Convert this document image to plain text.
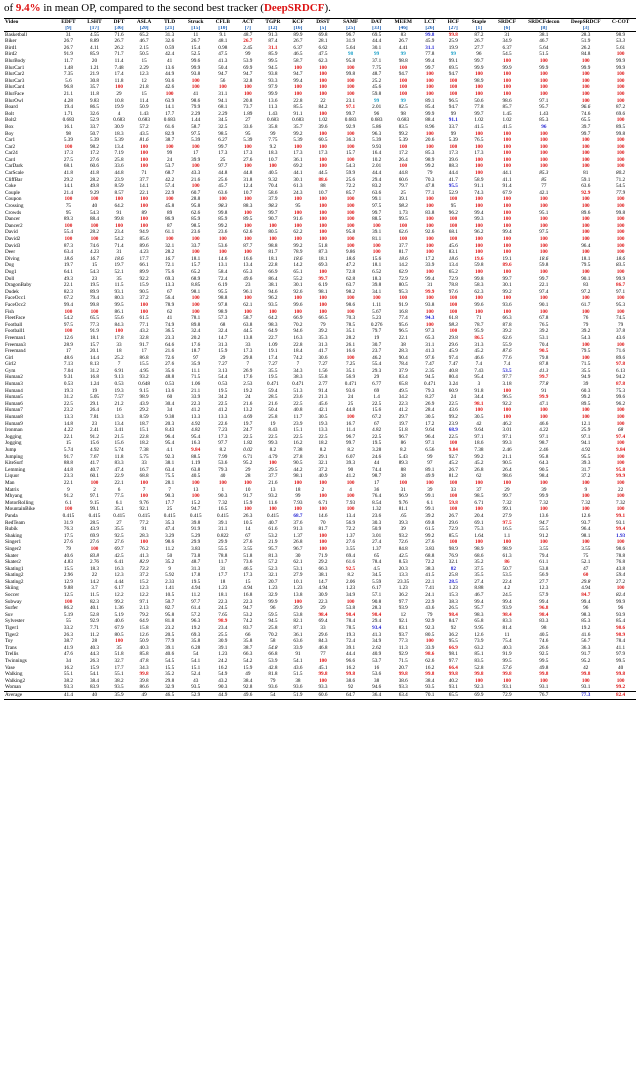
of 9.4% in mean OP, compared to the second best tracker (DeepSRDCF).
Video	EDFT	LSHT	DFT	ASLA	TLD	Struck	CFLB	ACT	TGPR	KCF	DSST	SAMF	DAT	MEEM	LCT	HCF	Staple	SRDCF	SRDCFdecon	DeepSRDCF	C-COT
	[9]	[17]	[36]	[20]	[21]	[15]	[10]	[7]	[12]	[16]	[5]	[25]	[33]	[46]	[26]	[27]	[1]	[6]	[8]	[3]	
Basketball	31	4.55	71.6	65.2	31.3	11	9.1	48.7	91.3	89.9	69.8	96.7	69.5	83	99.8	99.8	87.2	31	38.1	28.3	98.9
Biker	26.7	8.89	26.7	46.7	32.6	26.7	48.1	26.7	87.4	26.7	28.1	31.9	44.4	26.7	45.9	25.9	26.7	34.9	46.7	51.9	53.3
Bird1	26.7	4.11	26.2	2.15	0.59	15.4	0.98	2.45	31.1	6.37	6.62	5.64	30.1	4.41	31.1	19.9	27.7	6.37	5.64	26.2	5.61
Bird2	91.9	85.9	71.7	50.5	42.4	52.5	47.5	99	85.9	46.5	47.5	98	99	99	77.8	99	96	54.5	51.5	84.8	100
BlurBody	11.7	20	11.4	15	41	99.6	41.3	53.9	99.5	58.7	62.3	95.8	37.1	98.8	99.4	99.1	99.7	100	100	100	99.9
BlurCar1	1.48	1.21	7.48	2.29	13.6	99.9	50.4	69.9	94.5	100	100	100	7.75	100	99.7	69.5	99.9	99.9	99.9	99.9	99.9
BlurCar2	7.35	21.9	17.4	12.3	44.9	93.8	94.7	94.7	93.8	94.7	100	99.8	48.7	94.7	100	94.7	100	100	100	100	100
BlurCar3	5.6	30.8	11.8	12	93.6	100	56	32.8	93.3	99.4	100	100	25.2	100	100	100	98.9	100	100	100	100
BlurCar4	96.8	35.7	100	21.8	42.6	100	100	100	97.9	100	100	100	45.6	100	100	100	100	100	100	100	100
BlurFace	21.1	11.8	29	15	100	41	31.1	100	99.9	100	100	100	59.8	100	100	100	100	100	100	100	100
BlurOwl	4.28	9.83	10.8	11.4	63.9	98.6	94.1	20.8	13.6	22.8	22	23.1	99	99	89.1	96.5	50.6	98.6	97.1	100	100
Board	19.4	86.5	19.9	50.9	14.1	79.9	68.1	73.7	11.3	85.5	84.2	97.1	2.01	82.5	85.4	94.7	77.8	85.7	95.7	96.6	87.2
Bolt	1.71	32.6	4	1.43	17.7	2.29	2.29	1.89	1.43	91.1	100	99.7	96	98	99.9	99	99.7	1.45	1.43	74.6	69.6
Bolt2	0.683	52.9	0.683	0.683	0.683	1.44	34.5	27	0.683	0.683	1.02	0.683	0.683	0.683	88.4	91.1	1.02	1.02	85.3	65.5	100
Box	16.1	33.7	30.9	57.2	61.6	58.7	32.5	33.6	35.8	35.7	39.6	92.9	5.86	83.5	8.96	33.7	41.5	41.5	96	39.7	89.5
Boy	98	50.7	18.3	43.5	82.9	97.5	98.5	95	99	99.2	100	100	96.3	99.2	100	99	100	100	100	99.7	99.8
Car1	5.39	5.39	5.39	81.6	38.7	5.39	6.27	5.39	7.75	5.39	60.5	36.3	5.39	5.39	20.6	5.39	76.5	100	100	100	100
Car2	100	98.2	13.4	100	100	100	99.7	100	9.2	100	100	100	9.93	100	100	100	100	100	100	100	100
Car24	17.3	17.2	7.19	100	99	17	17.3	17.3	18.3	17.3	17.3	15.7	16.4	17.2	85.3	17.3	17.3	100	100	100	100
Car4	27.5	27.6	25.8	100	24	39.9	25	27.6	10.7	36.1	100	100	10.2	26.4	98.9	39.6	100	100	100	100	100
CarDark	68.1	60.6	33.6	100	53.7	100	97.7	100	100	69.2	100	54.3	2.01	100	99.2	88.3	100	100	100	100	100
CarScale	41.8	41.8	44.8	71	68.7	43.3	44.8	44.8	40.5	44.1	44.5	59.9	44.4	44.8	79	44.4	100	44.1	85.3	81	80.2
CliffBar	29.2	28.2	23.9	37.7	42.2	21.6	25.6	31.8	9.32	30.1	88.6	25.6	29.4	60.6	70.3	41.7	58.9	41.1	85	59.1	71.2
Coke	14.1	49.8	8.59	14.1	57.4	100	45.7	12.4	70.4	61.3	88	72.2	83.2	79.7	47.8	95.5	91.1	91.4	77	63.6	54.5
Couple	21.4	9.29	8.57	22.1	22.9	60.7	63.6	10.7	58.6	24.3	10.7	85.7	63.6	25	77.1	52.9	74.3	67.9	42.1	92.9	77.9
Coupon	100	100	100	100	100	28.8	100	100	37.9	100	100	100	99.1	39.1	100	100	100	100	100	100	100
Crossing	75	40	64.2	100	45.8	95.8	98.3	88.3	98.3	95	100	100	97.5	98.3	100	95	100	100	100	100	100
Crowds	95	54.3	91	89	89	62.6	99.8	100	99.7	100	100	100	99.7	1.73	83.8	96.2	99.4	100	95.1	89.6	99.8
Dancer	89.3	88.4	99.8	100	86.9	85.9	85.9	89.5	90.7	91.6	100	100	88.5	99.5	100	100	99.3	100	100	100	100
Dancer2	100	100	100	100	87	98.5	99.2	100	100	100	100	100	100	100	100	100	100	100	100	100	100
David	55.4	28.2	23.4	94.9	61.1	23.6	23.6	62.6	80.5	62.2	100	95.8	39.1	62.6	92.6	68.1	96.2	99.4	97.5	100	100
David2	100	100	54.2	85.6	100	100	100	100	100	100	100	100	81.1	100	100	100	100	100	100	100	100
David3	87.3	74.6	71.4	89.6	32.1	33.7	53.6	87.7	98.8	99.2	51.8	100	100	37.7	100	45.6	100	100	100	96.4	100
Deer	63.4	4.23	31	4.23	28.2	100	100	100	81.7	78.9	87.3	9.86	100	81.7	100	83.1	100	100	100	100	100
Diving	18.6	16.7	18.6	17.7	16.7	18.1	14.6	16.6	18.1	18.6	18.1	18.6	15.6	18.6	17.2	18.6	19.6	19.1	18.6	18.1	18.6
Dog	19.7	15	19.7	66.1	72.1	15.7	13.1	13.4	22.8	14.2	69.3	47.2	18.1	14.2	33.9	13.4	59.8	89.6	59.8	79.5	83.5
Dog1	64.1	54.3	52.1	89.9	75.6	65.2	58.4	65.3	66.9	65.1	100	72.8	6.52	62.9	100	65.2	100	100	100	100	100
Doll	49.3	23	35	92.2	69.3	68.9	72.4	49.6	86.4	55.2	99.7	62.8	18.3	72.9	99.4	72.9	99.8	99.7	99.7	90.1	99.9
DragonBaby	22.1	19.5	11.5	15.9	13.3	8.85	6.19	23	38.1	30.1	6.19	63.7	39.8	80.5	31	78.8	58.3	30.1	22.1	83	86.7
Dudek	82.3	89.9	93.1	90.5	67	98.1	95.5	96.1	94.6	92.6	98.1	98.2	34.1	95.3	99.9	97.6	62.3	99.2	97.4	97.2	97.1
FaceOcc1	67.2	79.4	80.3	37.2	56.4	100	98.8	100	96.2	100	100	100	100	100	100	100	100	100	100	100	100
FaceOcc2	99.4	99.8	99.5	100	78.9	100	97.8	62.1	93.5	99.6	100	98.6	1.11	91.9	93.8	100	99.6	93.6	90.1	61.7	95.3
Fish	100	100	86.1	100	62	100	98.9	100	100	100	100	100	5.67	16.8	100	100	100	100	100	100	100
FleetFace	54.2	65.5	55.6	61.5	41	78.1	57.3	58.7	64.2	66.9	66.5	70.3	5.23	77.4	94.3	61.8	71	66.3	67.8	76	74.5
Football	97.5	77.3	84.3	77.1	74.9	89.8	68	63.8	98.3	70.2	79	78.5	0.276	95.6	100	98.3	78.7	87.8	76.5	79	79
Football1	100	91.9	100	43.2	36.5	32.4	32.4	44.5	64.9	94.6	39.2	35.1	79.7	96.5	97.3	100	95.9	39.2	39.2	39.2	37.8
Freeman1	12.6	18.1	17.8	32.8	23.3	20.2	14.7	13.8	22.7	16.3	35.3	28.2	19	22.1	65.3	29.8	86.5	62.6	53.1	54.3	43.6
Freeman3	28.9	15.7	33	91.7	64.6	17.6	31.3	33	1.09	22.8	31.3	26.1	30.7	38	31.1	29.6	31.3	55.9	70.4	100	100
Freeman4	17	20.1	18	17	21.6	18.7	15.9	17.3	19.1	18.4	41.7	16.6	23.7	28.3	41.3	45.9	45.2	87.6	90.5	79.5	71.6
Girl	48.6	14.4	25.2	86.8	72.6	97	29	29.8	17.4	74.2	30.6	100	46.2	90.4	97.6	97.4	46.6	77.6	79.8	100	89.6
Girl2	7.13	8.13	7	15.5	27.6	35.9	7.27	7	7.27	7	7.27	7.25	55.4	78.4	7.47	7.47	7.4	7.4	87.8	71.5	97.8
Gym	7.04	31.2	6.91	4.95	35.6	11.1	3.13	26.9	35.5	34.3	1.56	35.1	29.3	37.9	2.35	40.8	7.43	53.5	41.3	35.5	6.13
Human2	9.31	16.8	9.13	93.2	48.8	71.5	54.4	17.6	19.5	38.3	55.8	56.9	29	83.4	94.5	80.4	95.4	97.7	99.7	94.9	94.2
Human3	0.53	1.24	0.53	0.648	0.53	1.06	0.53	2.53	0.471	0.471	2.77	0.471	6.77	65.8	0.471	3.24	3	3.18	77.8	39	87.8
Human4	19.3	19	19.3	9.15	13.6	21.1	19.5	19.2	59.4	51.3	91.4	93.6	69	49.5	79.3	60.9	91.8	100	91	60.3	75.3
Human5	31.2	5.05	7.57	98.9	60	33.9	34.2	24	28.5	23.6	21.3	24	1.4	34.2	8.27	24	34.4	96.5	99.9	99.2	99.6
Human6	22.5	29.1	21.2	43.9	30.4	22.3	22.5	21.6	21.6	22.5	45.6	25	22.5	22.3	26.9	22.5	98.1	92.2	47.1	89.5	96.2
Human7	23.2	26.4	16	29.2	34	41.2	41.2	13.2	50.4	40.8	42.1	44.8	15.6	41.2	28.4	43.6	100	100	100	100	100
Human8	13.3	7.81	13.3	8.59	9.38	13.3	13.3	4.69	25.8	11.7	30.5	100	67.2	29.7	30.5	99.2	30.5	100	100	100	100
Human9	14.8	23	13.4	18.7	20.3	4.92	22.6	19.7	19	23.9	19.3	16.7	67	19.7	17.2	23.9	42	46.2	46.6	12.1	100
Ironman	4.22	2.41	3.41	15.1	8.43	4.82	7.23	24.7	8.43	15.1	13.3	11.4	4.82	51.8	9.64	68.9	9.64	3.01	4.22	25.9	68
Jogging	22.1	91.2	21.5	22.8	96.4	95.4	17.3	22.5	22.5	22.5	22.5	96.7	22.5	96.7	96.4	22.5	97.1	97.1	97.1	97.1	97.4
Jogging	15	15.6	15.6	18.2	95.4	16.3	97.7	1.82	99.3	16.2	18.2	99.7	19.5	86	97.1	100	18.6	99.3	98.7	94.1	100
Jump	5.74	4.92	5.74	7.38	4.1	9.84	8.2	0.02	8.2	7.38	8.2	8.2	3.28	8.2	6.56	9.84	7.38	2.46	2.46	4.92	9.84
Jumping	91.7	7.67	11.8	5.75	92.3	88.5	7.99	6.71	4.79	27.8	29.1	6.07	24.6	5.43	99	92.7	99.2	21.1	95.8	95.5	100
KiteSurf	88.8	41.7	83.3	33	38.1	1.19	53.6	95.2	100	90.5	32.1	39.3	44	89.3	97	45.2	45.2	90.5	64.3	39.3	100
Lemming	44.8	40.7	47.4	16.7	63.4	63.8	79.3	29	29.5	44.2	37.2	90	74.4	88	89.1	26.7	26.8	26.4	90.5	31.7	95.8
Liquor	23.3	60.1	22.9	68.8	75.5	40.5	40	28	37.7	98.1	40.9	41.2	98.7	38	49.9	81.2	62	98.6	98.4	37.2	99.9
Man	22.1	100	22.1	100	28.1	100	100	100	21.6	100	100	100	17	100	100	100	100	100	100	100	100
Matrix	9	2	6	7	7	13	1	10	13	18	2	4	36	31	39	33	37	29	39	9	22
Mhyang	91.2	97.1	77.5	100	90.3	100	90.3	91.7	93.2	99	100	100	76.4	96.9	99.1	100	98.5	99.7	99.9	100	100
MotorRolling	6.1	9.15	6.1	9.76	17.7	15.2	7.32	15.9	11.6	7.93	6.71	7.93	8.54	9.76	6.1	59.8	6.71	7.32	7.32	7.32	7.32
MountainBike	100	99.1	35.1	92.1	25	94.7	16.5	100	100	100	100	100	1.32	81.1	99.1	100	100	99.1	100	100	100
Panda	0.415	0.415	0.415	0.415	0.415	0.415	0.415	26.3	0.415	68.7	14.6	13.4	23.6	.65	39.2	26.7	20.4	27.9	13.6	12.6	99.1
RedTeam	31.9	28.5	27	77.2	35.3	39.8	39.1	10.5	40.7	37.6	70	56.9	30.3	39.3	69.8	29.6	69.1	97.5	94.7	93.7	93.1
Rubik	76.3	43.9	35.5	91	47.4	91.9	31.1	14	61.6	91.3	81.7	72.2	50.9	39	61.5	72.9	75.3	16.5	55.5	96.4	99.4
Shaking	17.5	69.9	92.5	28.3	3.29	5.29	0.822	67	53.2	1.37	100	1.37	3.01	93.2	99.2	85.5	1.64	1.1	91.2	98.1	1.93
Singer1	27.6	27.6	27.6	100	98.6	29.9	29.9	27.6	21.9	26.8	100	27.6	27.4	72.6	27.6	100	100	100	100	100	100
Singer2	79	100	69.7	76.2	11.2	3.83	55.5	3.55	95.7	96.7	100	3.55	1.37	84.8	3.83	98.9	98.9	98.9	3.55	3.55	98.6
Skater	40.6	83.8	42.5	41.3	50	73.8	78.8	51.8	81.3	30	71.9	69.4	65	42.5	68.8	76.9	68.6	61.3	79.4	75	78.8
Skater2	4.83	2.76	6.41	82.9	35.2	48.7	11.7	73.6	57.2	62.1	29.2	61.6	78.4	8.53	72.2	32.1	35.2	86	61.1	52.1	76.8
Skating1	15.5	18.3	16.3	73.3	9	31.3	31	46.5	52.3	53.1	66.3	92.5	4.5	20.3	38.3	82	37.5	50.7	53.8	47	43.8
Skating2	2.96	22	12.3	37.2	5.92	17.8	17.7	17.3	32.1	27.9	38.1	8.2	34.5	13.3	41.5	25.8	35.5	53.5	56.9	60	59.4
Skating2	12.9	14.2	4.44	15.2	2.33	19.5	18	15	20.7	10.1	14.7	2.06	5.59	23.35	22.1	28.5	27.4	22.4	27.7	29.8	27.2
Skiing	9.88	3.7	6.17	12.3	1.41	4.94	1.23	4.94	1.23	1.23	4.94	1.23	6.17	1.23	7.41	1.23	8.88	4.2	12.3	4.94	100
Soccer	12.5	11.5	12.2	12.2	10.5	11.2	18.1	16.8	32.9	13.8	30.9	34.9	57.1	36.2	24.1	15.3	46.7	24.5	57.9	84.7	82.4
Subway	100	82.3	99.2	97.1	50.7	97.7	22.3	22.3	99.9	100	22.3	100	90.8	97.7	22.9	38.3	99.4	99.4	99.4	99.4	99.9
Surfer	86.2	40.1	1.36	2.13	82.7	61.4	24.5	94.7	96	39.9	29	53.8	28.3	93.9	43.6	26.5	95.7	93.9	96.8	96	96
Suv	5.19	52.8	5.19	79.2	95.8	57.2	7.65	53.2	59.5	53.8	98.4	98.4	98.4	12	79	98.4	98.3	98.4	98.4	98.3	93.9
Sylvester	55	92.9	40.6	64.9	81.8	96.3	98.9	74.2	94.5	82.1	69.4	78.4	29.4	92.1	92.9	84.7	65.8	83.3	83.3	85.3	85.4
Tiger1	33.2	7.71	67.9	15.8	23.2	19.2	23.4	83.7	25.8	87.1	33	78.5	93.4	83.1	92.3	92	9.95	81.4	98	19.2	98.6
Tiger2	26.3	11.2	80.5	12.6	20.5	69.3	25.5	66	70.2	36.1	29.6	19.3	41.3	93.7	80.5	36.2	12.6	11	40.5	41.6	98.9
Toy	38.7	28	100	50.9	77.9	35.8	30.9	35.8	58	63.6	84.3	72.4	34.9	77.3	100	95.5	73.9	75.4	74.6	56.7	78.4
Trans	41.9	40.3	35	40.3	39.1	6.28	39.1	38.7	54.8	33.9	46.8	39.1	2.62	11.3	33.9	66.9	63.2	40.3	26.6	36.3	41.1
Trellis	47.6	44.3	51.8	85.8	40.6	54	1.23	66.3	66.8	91	77	44.4	40.9	92.9	98.6	98.1	85.1	91.9	92.5	91.7	97.9
Twinnings	34	26.3	32.7	47.8	54.5	54.1	24.2	54.2	53.9	54.1	100	96.6	53.7	71.5	62.6	97.7	83.5	99.5	99.5	95.2	99.5
Vase	16.2	15.9	17.7	34.3	15.5	15.1	16.2	15.9	42.8	43.6	45.1	16.2	16	20.7	16.2	66.4	52.8	57.6	49.8	42	40
Walking	55.1	54.1	55.1	99.8	35.2	52.4	54.9	49	81.8	51.5	99.8	99.8	53.6	99.8	99.8	99.8	99.8	99.8	99.8	99.8	99.8
Walking2	38.2	38.4	38.2	39.8	29.8	43	43.2	38.4	79	38	100	38.6	38	38.6	38.4	40.2	100	100	100	100	100
Woman	93.3	83.9	93.5	86.6	32.9	93.5	90.3	92.8	93.6	93.6	93.3	92	94.6	93.3	93.5	93.1	92.3	93.1	93.1	93.1	99.2
Average	41.4	40	35.9	49	46.5	52.9	44.9	49.6	54	51.9	60.6	64.7	36.4	63.4	70.1	65.5	69.9	72.9	76.7	77.3	82.4
